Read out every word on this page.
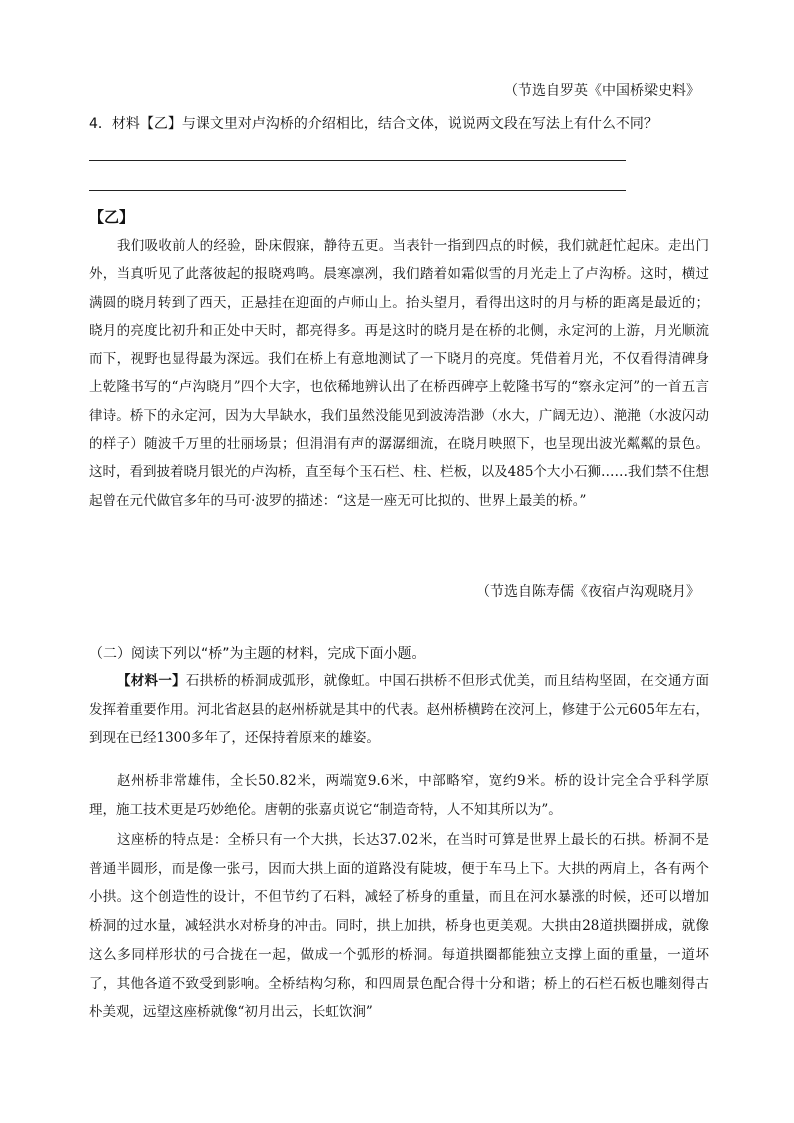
（节选自罗英《中国桥梁史料》
4．材料【乙】与课文里对卢沟桥的介绍相比，结合文体，说说两文段在写法上有什么不同？
【乙】

我们吸收前人的经验，卧床假寐，静待五更。当表针一指到四点的时候，我们就赶忙起床。走出门外，当真听见了此落彼起的报晓鸡鸣。晨寒凛冽，我们踏着如霜似雪的月光走上了卢沟桥。这时，横过满圆的晓月转到了西天，正悬挂在迎面的卢师山上。抬头望月，看得出这时的月与桥的距离是最近的；晓月的亮度比初升和正处中天时，都亮得多。再是这时的晓月是在桥的北侧，永定河的上游，月光顺流而下，视野也显得最为深远。我们在桥上有意地测试了一下晓月的亮度。凭借着月光，不仅看得清碑身上乾隆书写的“卢沟晓月”四个大字，也依稀地辨认出了在桥西碑亭上乾隆书写的“察永定河”的一首五言律诗。桥下的永定河，因为大旱缺水，我们虽然没能见到波涛浩渺（水大，广阔无边）、滟滟（水波闪动的样子）随波千万里的壮丽场景；但涓涓有声的潺潺细流，在晓月映照下，也呈现出波光粼粼的景色。这时，看到披着晓月银光的卢沟桥，直至每个玉石栏、柱、栏板，以及485个大小石狮……我们禁不住想起曾在元代做官多年的马可·波罗的描述：“这是一座无可比拟的、世界上最美的桥。”

（节选自陈寿儒《夜宿卢沟观晓月》
（二）阅读下列以“桥”为主题的材料，完成下面小题。

【材料一】石拱桥的桥洞成弧形，就像虹。中国石拱桥不但形式优美，而且结构坚固，在交通方面发挥着重要作用。河北省赵县的赵州桥就是其中的代表。赵州桥横跨在洨河上，修建于公元605年左右，到现在已经1300多年了，还保持着原来的雄姿。

赵州桥非常雄伟，全长50.82米，两端宽9.6米，中部略窄，宽约9米。桥的设计完全合乎科学原理，施工技术更是巧妙绝伦。唐朝的张嘉贞说它“制造奇特，人不知其所以为”。

这座桥的特点是：全桥只有一个大拱，长达37.02米，在当时可算是世界上最长的石拱。桥洞不是普通半圆形，而是像一张弓，因而大拱上面的道路没有陡坡，便于车马上下。大拱的两肩上，各有两个小拱。这个创造性的设计，不但节约了石料，减轻了桥身的重量，而且在河水暴涨的时候，还可以增加桥洞的过水量，减轻洪水对桥身的冲击。同时，拱上加拱，桥身也更美观。大拱由28道拱圈拼成，就像这么多同样形状的弓合拢在一起，做成一个弧形的桥洞。每道拱圈都能独立支撑上面的重量，一道坏了，其他各道不致受到影响。全桥结构匀称，和四周景色配合得十分和谐；桥上的石栏石板也雕刻得古朴美观，远望这座桥就像“初月出云，长虹饮涧”
